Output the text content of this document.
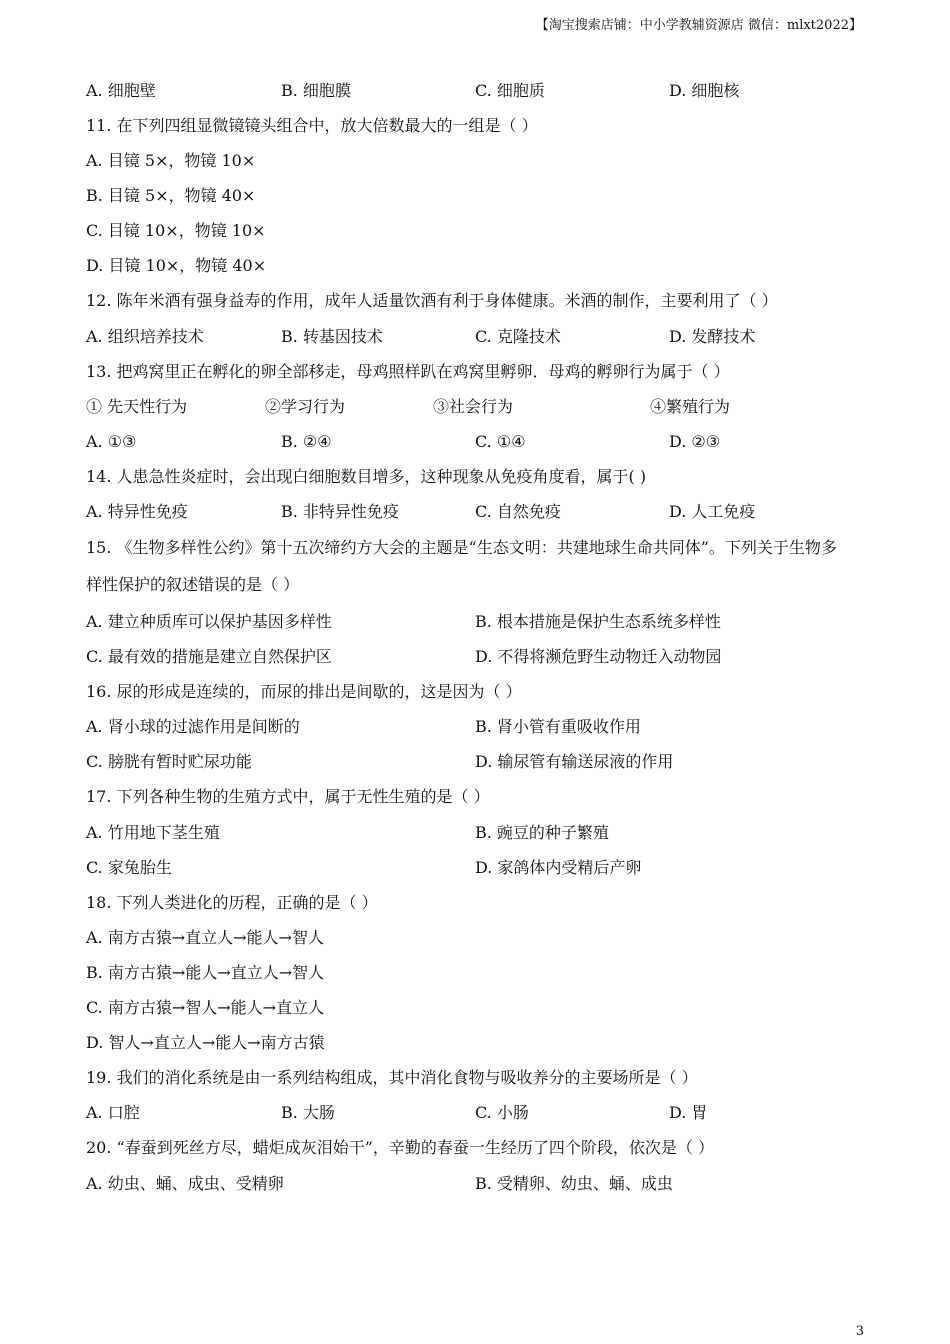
【淘宝搜索店铺：中小学教辅资源店 微信：mlxt2022】
A. 细胞壁	B. 细胞膜	C. 细胞质	D. 细胞核
11. 在下列四组显微镜镜头组合中，放大倍数最大的一组是（ ）
A. 目镜 5×，物镜 10×
B. 目镜 5×，物镜 40×
C. 目镜 10×，物镜 10×
D. 目镜 10×，物镜 40×
12. 陈年米酒有强身益寿的作用，成年人适量饮酒有利于身体健康。米酒的制作，主要利用了（ ）
A. 组织培养技术	B. 转基因技术	C. 克隆技术	D. 发酵技术
13. 把鸡窝里正在孵化的卵全部移走，母鸡照样趴在鸡窝里孵卵．母鸡的孵卵行为属于（ ）
① 先天性行为	②学习行为	③社会行为	④繁殖行为
A. ①③	B. ②④	C. ①④	D. ②③
14. 人患急性炎症时，会出现白细胞数目增多，这种现象从免疫角度看，属于( )
A. 特异性免疫	B. 非特异性免疫	C. 自然免疫	D. 人工免疫
15. 《生物多样性公约》第十五次缔约方大会的主题是“生态文明：共建地球生命共同体”。下列关于生物多
样性保护的叙述错误的是（ ）
A. 建立种质库可以保护基因多样性	B. 根本措施是保护生态系统多样性
C. 最有效的措施是建立自然保护区	D. 不得将濒危野生动物迁入动物园
16. 尿的形成是连续的，而尿的排出是间歇的，这是因为（ ）
A. 肾小球的过滤作用是间断的	B. 肾小管有重吸收作用
C. 膀胱有暂时贮尿功能	D. 输尿管有输送尿液的作用
17. 下列各种生物的生殖方式中，属于无性生殖的是（ ）
A. 竹用地下茎生殖	B. 豌豆的种子繁殖
C. 家兔胎生	D. 家鸽体内受精后产卵
18. 下列人类进化的历程，正确的是（ ）
A. 南方古猿→直立人→能人→智人
B. 南方古猿→能人→直立人→智人
C. 南方古猿→智人→能人→直立人
D. 智人→直立人→能人→南方古猿
19. 我们的消化系统是由一系列结构组成，其中消化食物与吸收养分的主要场所是（ ）
A. 口腔	B. 大肠	C. 小肠	D. 胃
20. “春蚕到死丝方尽，蜡炬成灰泪始干”，辛勤的春蚕一生经历了四个阶段，依次是（ ）
A. 幼虫、蛹、成虫、受精卵	B. 受精卵、幼虫、蛹、成虫
3
